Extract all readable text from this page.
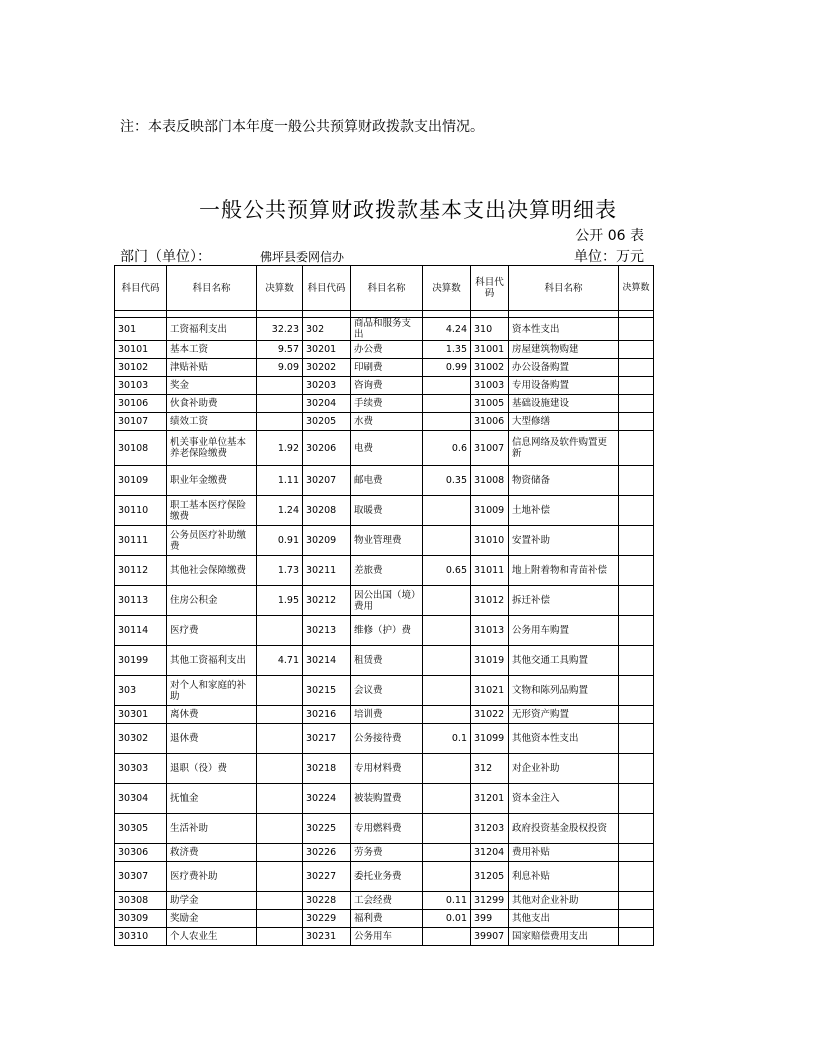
注：本表反映部门本年度一般公共预算财政拨款支出情况。
一般公共预算财政拨款基本支出决算明细表
公开 06 表
部门（单位）：	佛坪县委网信办	单位：万元
科目代码	科目名称	决算数	科目代码	科目名称	决算数	科目代码	科目名称	决算数

301	工资福利支出	32.23	302	商品和服务支出	4.24	310	资本性支出	
30101	基本工资	9.57	30201	办公费	1.35	31001	房屋建筑物购建	
30102	津贴补贴	9.09	30202	印刷费	0.99	31002	办公设备购置	
30103	奖金		30203	咨询费		31003	专用设备购置	
30106	伙食补助费		30204	手续费		31005	基础设施建设	
30107	绩效工资		30205	水费		31006	大型修缮	
30108	机关事业单位基本养老保险缴费	1.92	30206	电费	0.6	31007	信息网络及软件购置更新	
30109	职业年金缴费	1.11	30207	邮电费	0.35	31008	物资储备	
30110	职工基本医疗保险缴费	1.24	30208	取暖费		31009	土地补偿	
30111	公务员医疗补助缴费	0.91	30209	物业管理费		31010	安置补助	
30112	其他社会保障缴费	1.73	30211	差旅费	0.65	31011	地上附着物和青苗补偿	
30113	住房公积金	1.95	30212	因公出国（境）费用		31012	拆迁补偿	
30114	医疗费		30213	维修（护）费		31013	公务用车购置	
30199	其他工资福利支出	4.71	30214	租赁费		31019	其他交通工具购置	
303	对个人和家庭的补助		30215	会议费		31021	文物和陈列品购置	
30301	离休费		30216	培训费		31022	无形资产购置	
30302	退休费		30217	公务接待费	0.1	31099	其他资本性支出	
30303	退职（役）费		30218	专用材料费		312	对企业补助	
30304	抚恤金		30224	被装购置费		31201	资本金注入	
30305	生活补助		30225	专用燃料费		31203	政府投资基金股权投资	
30306	救济费		30226	劳务费		31204	费用补贴	
30307	医疗费补助		30227	委托业务费		31205	利息补贴	
30308	助学金		30228	工会经费	0.11	31299	其他对企业补助	
30309	奖励金		30229	福利费	0.01	399	其他支出	
30310	个人农业生		30231	公务用车		39907	国家赔偿费用支出	
